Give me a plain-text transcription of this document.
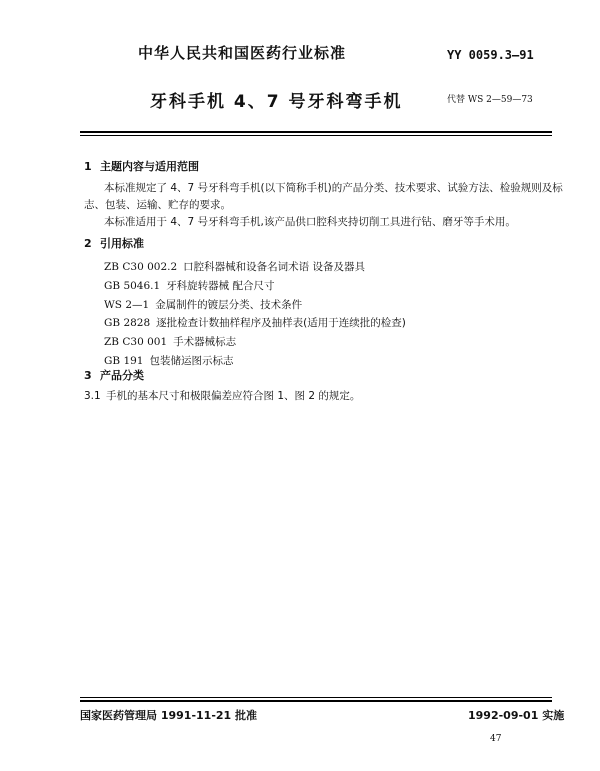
中华人民共和国医药行业标准	YY 0059.3—91
牙科手机 4、7 号牙科弯手机	代替 WS 2—59—73
1 主题内容与适用范围
本标准规定了 4、7 号牙科弯手机(以下简称手机)的产品分类、技术要求、试验方法、检验规则及标
志、包装、运输、贮存的要求。
本标准适用于 4、7 号牙科弯手机,该产品供口腔科夹持切削工具进行钻、磨牙等手术用。
2 引用标准
ZB C30 002.2 口腔科器械和设备名词术语 设备及器具
GB 5046.1 牙科旋转器械 配合尺寸
WS 2—1 金属制件的镀层分类、技术条件
GB 2828 逐批检查计数抽样程序及抽样表(适用于连续批的检查)
ZB C30 001 手术器械标志
GB 191 包装储运图示标志
3 产品分类
3.1 手机的基本尺寸和极限偏差应符合图 1、图 2 的规定。
国家医药管理局 1991-11-21 批准	1992-09-01 实施
47
